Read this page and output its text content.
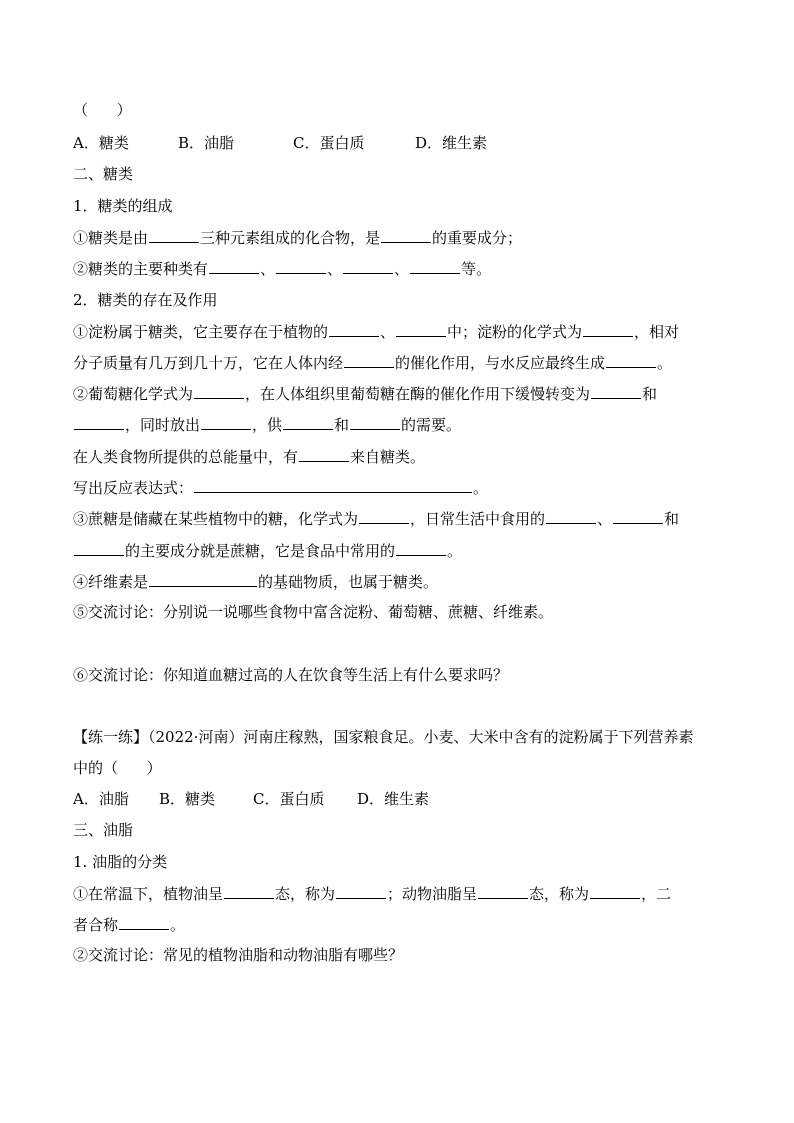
（      ）
A．糖类	B．油脂	C．蛋白质	D．维生素
二、糖类
1．糖类的组成
①糖类是由	三种元素组成的化合物，是	的重要成分；
②糖类的主要种类有	、	、	、	等。
2．糖类的存在及作用
①淀粉属于糖类，它主要存在于植物的	、	中；淀粉的化学式为	，相对
分子质量有几万到几十万，它在人体内经	的催化作用，与水反应最终生成	。
②葡萄糖化学式为	，在人体组织里葡萄糖在酶的催化作用下缓慢转变为	和
，同时放出	，供	和	的需要。
在人类食物所提供的总能量中，有	来自糖类。
写出反应表达式：	。
③蔗糖是储藏在某些植物中的糖，化学式为	，日常生活中食用的	、	和
的主要成分就是蔗糖，它是食品中常用的	。
④纤维素是	的基础物质，也属于糖类。
⑤交流讨论：分别说一说哪些食物中富含淀粉、葡萄糖、蔗糖、纤维素。
⑥交流讨论：你知道血糖过高的人在饮食等生活上有什么要求吗？
【练一练】（2022·河南）河南庄稼熟，国家粮食足。小麦、大米中含有的淀粉属于下列营养素
中的（      ）
A．油脂 B．糖类	C．蛋白质 D．维生素
三、油脂
1. 油脂的分类
①在常温下，植物油呈	态，称为	；动物油脂呈	态，称为	，二
者合称	。
②交流讨论：常见的植物油脂和动物油脂有哪些？
